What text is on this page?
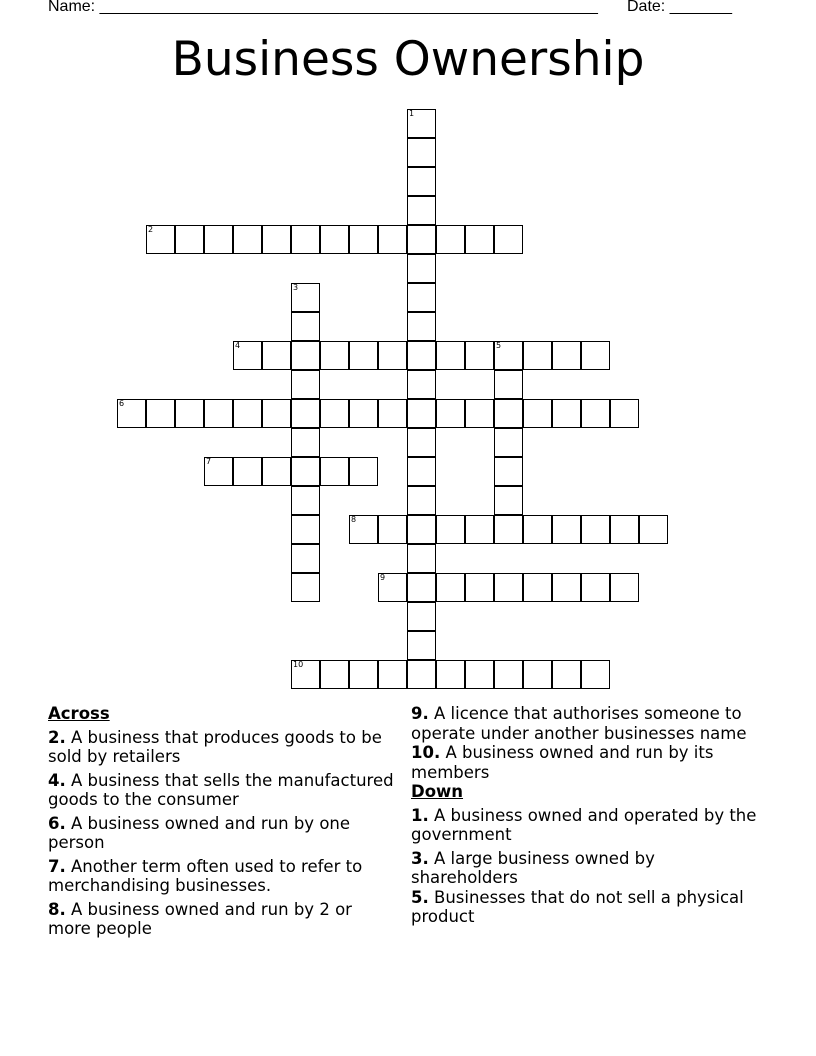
Name: ________________________________________________________ Date: _______
Business Ownership
1
2
3
4	5
6
7
8
9
10
Across
2. A business that produces goods to be sold by retailers
4. A business that sells the manufactured goods to the consumer
6. A business owned and run by one person
7. Another term often used to refer to merchandising businesses.
8. A business owned and run by 2 or more people
9. A licence that authorises someone to operate under another businesses name
10. A business owned and run by its members
Down
1. A business owned and operated by the government
3. A large business owned by shareholders
5. Businesses that do not sell a physical product
